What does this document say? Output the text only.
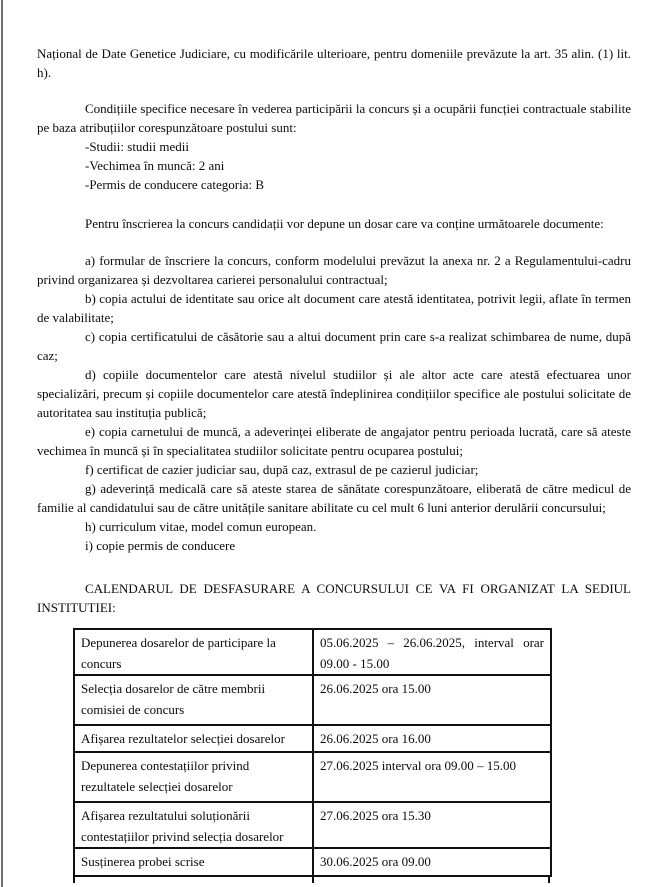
Național de Date Genetice Judiciare, cu modificările ulterioare, pentru domeniile prevăzute la art. 35 alin. (1) lit. h).

Condițiile specifice necesare în vederea participării la concurs și a ocupării funcției contractuale stabilite pe baza atribuțiilor corespunzătoare postului sunt:

-Studii: studii medii

-Vechimea în muncă: 2 ani

-Permis de conducere categoria: B

Pentru înscrierea la concurs candidații vor depune un dosar care va conține următoarele documente:

a) formular de înscriere la concurs, conform modelului prevăzut la anexa nr. 2 a Regulamentului-cadru privind organizarea și dezvoltarea carierei personalului contractual;

b) copia actului de identitate sau orice alt document care atestă identitatea, potrivit legii, aflate în termen de valabilitate;

c) copia certificatului de căsătorie sau a altui document prin care s-a realizat schimbarea de nume, după caz;

d) copiile documentelor care atestă nivelul studiilor și ale altor acte care atestă efectuarea unor specializări, precum și copiile documentelor care atestă îndeplinirea condițiilor specifice ale postului solicitate de autoritatea sau instituția publică;

e) copia carnetului de muncă, a adeverinței eliberate de angajator pentru perioada lucrată, care să ateste vechimea în muncă și în specialitatea studiilor solicitate pentru ocuparea postului;

f) certificat de cazier judiciar sau, după caz, extrasul de pe cazierul judiciar;

g) adeverință medicală care să ateste starea de sănătate corespunzătoare, eliberată de către medicul de familie al candidatului sau de către unitățile sanitare abilitate cu cel mult 6 luni anterior derulării concursului;

h) curriculum vitae, model comun european.

i) copie permis de conducere

CALENDARUL DE DESFASURARE A CONCURSULUI CE VA FI ORGANIZAT LA SEDIUL INSTITUTIEI:

Depunerea dosarelor de participare la concurs	05.06.2025 – 26.06.2025, interval orar 09.00 - 15.00
Selecția dosarelor de către membrii comisiei de concurs	26.06.2025 ora 15.00
Afișarea rezultatelor selecției dosarelor	26.06.2025 ora 16.00
Depunerea contestațiilor privind rezultatele selecției dosarelor	27.06.2025 interval ora 09.00 – 15.00
Afișarea rezultatului soluționării contestațiilor privind selecția dosarelor	27.06.2025 ora 15.30
Susținerea probei scrise	30.06.2025 ora 09.00
